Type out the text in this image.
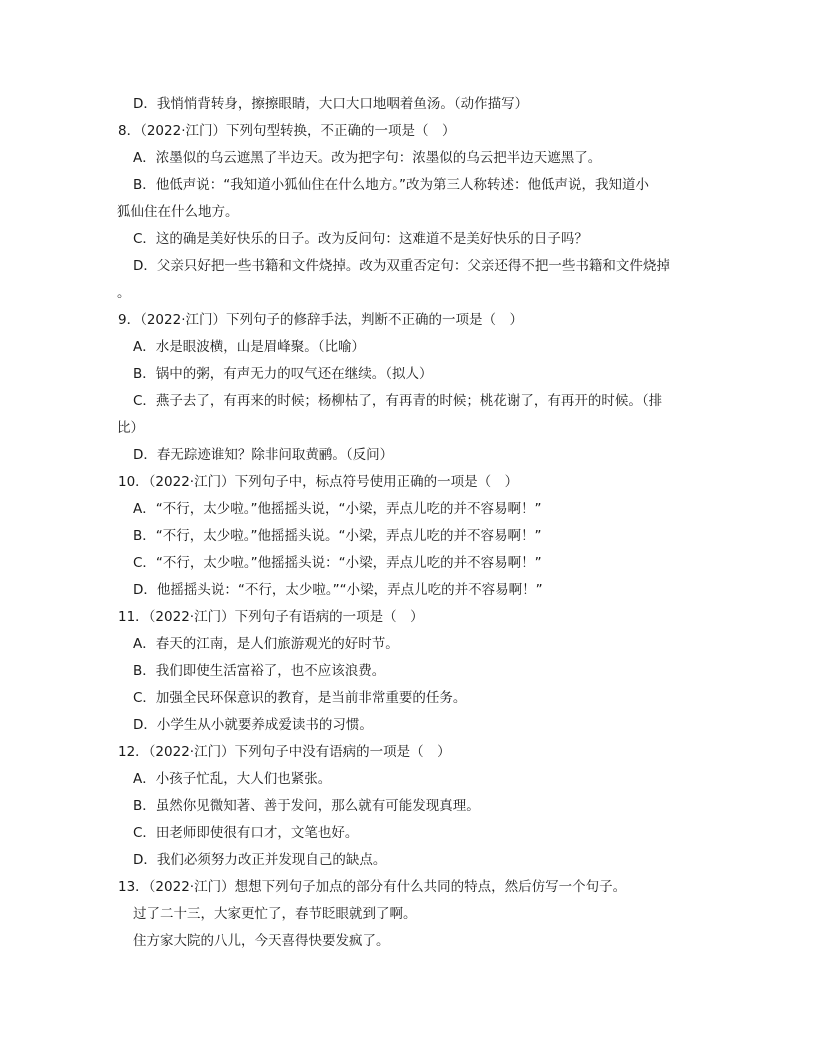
D．我悄悄背转身，擦擦眼睛，大口大口地咽着鱼汤。（动作描写）
8．（2022·江门）下列句型转换，不正确的一项是（　）
A．浓墨似的乌云遮黑了半边天。改为把字句：浓墨似的乌云把半边天遮黑了。
B．他低声说：“我知道小狐仙住在什么地方。”改为第三人称转述：他低声说，我知道小
狐仙住在什么地方。
C．这的确是美好快乐的日子。改为反问句：这难道不是美好快乐的日子吗？
D．父亲只好把一些书籍和文件烧掉。改为双重否定句：父亲还得不把一些书籍和文件烧掉
。
9．（2022·江门）下列句子的修辞手法，判断不正确的一项是（　）
A．水是眼波横，山是眉峰聚。（比喻）
B．锅中的粥，有声无力的叹气还在继续。（拟人）
C．燕子去了，有再来的时候；杨柳枯了，有再青的时候；桃花谢了，有再开的时候。（排
比）
D．春无踪迹谁知？除非问取黄鹂。（反问）
10．（2022·江门）下列句子中，标点符号使用正确的一项是（　）
A．“不行，太少啦。”他摇摇头说，“小梁，弄点儿吃的并不容易啊！”
B．“不行，太少啦。”他摇摇头说。“小梁，弄点儿吃的并不容易啊！”
C．“不行，太少啦。”他摇摇头说：“小梁，弄点儿吃的并不容易啊！”
D．他摇摇头说：“不行，太少啦。”“小梁，弄点儿吃的并不容易啊！”
11．（2022·江门）下列句子有语病的一项是（　）
A．春天的江南，是人们旅游观光的好时节。
B．我们即使生活富裕了，也不应该浪费。
C．加强全民环保意识的教育，是当前非常重要的任务。
D．小学生从小就要养成爱读书的习惯。
12．（2022·江门）下列句子中没有语病的一项是（　）
A．小孩子忙乱，大人们也紧张。
B．虽然你见微知著、善于发问，那么就有可能发现真理。
C．田老师即使很有口才，文笔也好。
D．我们必须努力改正并发现自己的缺点。
13．（2022·江门）想想下列句子加点的部分有什么共同的特点，然后仿写一个句子。
过了二十三，大家更忙了，春节眨眼就到了啊。
住方家大院的八儿，今天喜得快要发疯了。
